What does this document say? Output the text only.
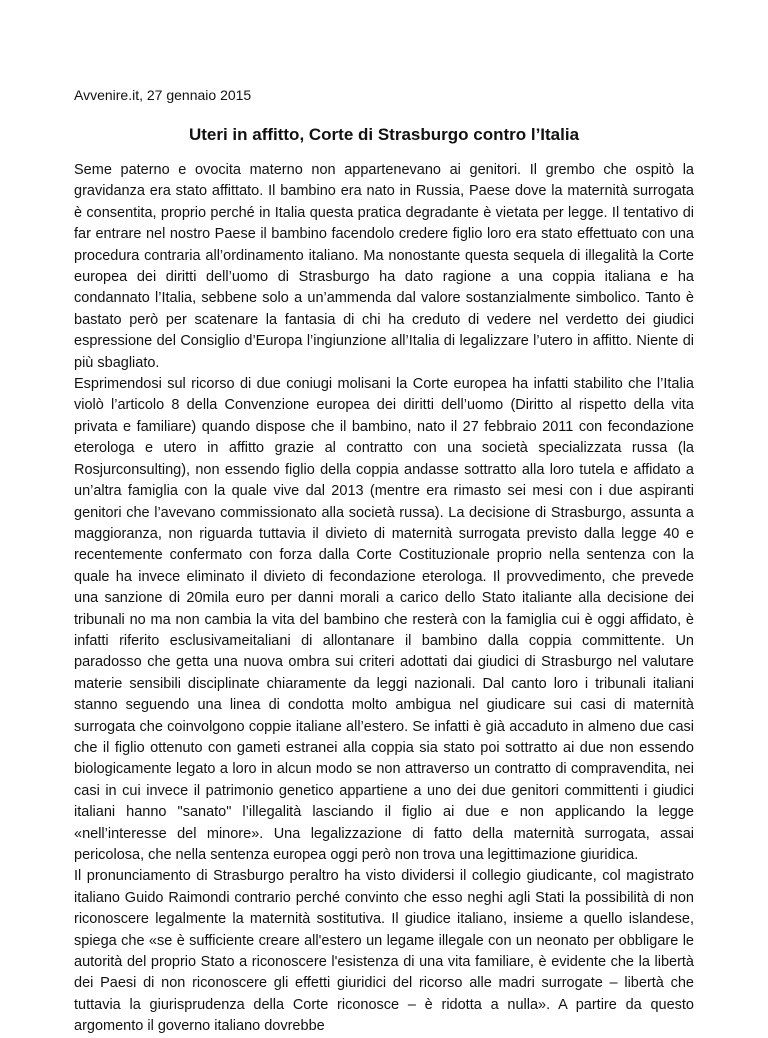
Avvenire.it, 27 gennaio 2015

Uteri in affitto, Corte di Strasburgo contro l’Italia

Seme paterno e ovocita materno non appartenevano ai genitori. Il grembo che ospitò la gravidanza era stato affittato. Il bambino era nato in Russia, Paese dove la maternità surrogata è consentita, proprio perché in Italia questa pratica degradante è vietata per legge. Il tentativo di far entrare nel nostro Paese il bambino facendolo credere figlio loro era stato effettuato con una procedura contraria all’ordinamento italiano. Ma nonostante questa sequela di illegalità la Corte europea dei diritti dell’uomo di Strasburgo ha dato ragione a una coppia italiana e ha condannato l’Italia, sebbene solo a un’ammenda dal valore sostanzialmente simbolico. Tanto è bastato però per scatenare la fantasia di chi ha creduto di vedere nel verdetto dei giudici espressione del Consiglio d’Europa l’ingiunzione all’Italia di legalizzare l’utero in affitto. Niente di più sbagliato.

Esprimendosi sul ricorso di due coniugi molisani la Corte europea ha infatti stabilito che l’Italia violò l’articolo 8 della Convenzione europea dei diritti dell’uomo (Diritto al rispetto della vita privata e familiare) quando dispose che il bambino, nato il 27 febbraio 2011 con fecondazione eterologa e utero in affitto grazie al contratto con una società specializzata russa (la Rosjurconsulting), non essendo figlio della coppia andasse sottratto alla loro tutela e affidato a un’altra famiglia con la quale vive dal 2013 (mentre era rimasto sei mesi con i due aspiranti genitori che l’avevano commissionato alla società russa). La decisione di Strasburgo, assunta a maggioranza, non riguarda tuttavia il divieto di maternità surrogata previsto dalla legge 40 e recentemente confermato con forza dalla Corte Costituzionale proprio nella sentenza con la quale ha invece eliminato il divieto di fecondazione eterologa. Il provvedimento, che prevede una sanzione di 20mila euro per danni morali a carico dello Stato italiante alla decisione dei tribunali no ma non cambia la vita del bambino che resterà con la famiglia cui è oggi affidato, è infatti riferito esclusivameitaliani di allontanare il bambino dalla coppia committente. Un paradosso che getta una nuova ombra sui criteri adottati dai giudici di Strasburgo nel valutare materie sensibili disciplinate chiaramente da leggi nazionali. Dal canto loro i tribunali italiani stanno seguendo una linea di condotta molto ambigua nel giudicare sui casi di maternità surrogata che coinvolgono coppie italiane all’estero. Se infatti è già accaduto in almeno due casi che il figlio ottenuto con gameti estranei alla coppia sia stato poi sottratto ai due non essendo biologicamente legato a loro in alcun modo se non attraverso un contratto di compravendita, nei casi in cui invece il patrimonio genetico appartiene a uno dei due genitori committenti i giudici italiani hanno "sanato" l’illegalità lasciando il figlio ai due e non applicando la legge «nell’interesse del minore». Una legalizzazione di fatto della maternità surrogata, assai pericolosa, che nella sentenza europea oggi però non trova una legittimazione giuridica.

Il pronunciamento di Strasburgo peraltro ha visto dividersi il collegio giudicante, col magistrato italiano Guido Raimondi contrario perché convinto che esso neghi agli Stati la possibilità di non riconoscere legalmente la maternità sostitutiva. Il giudice italiano, insieme a quello islandese, spiega che «se è sufficiente creare all'estero un legame illegale con un neonato per obbligare le autorità del proprio Stato a riconoscere l'esistenza di una vita familiare, è evidente che la libertà dei Paesi di non riconoscere gli effetti giuridici del ricorso alle madri surrogate – libertà che tuttavia la giurisprudenza della Corte riconosce – è ridotta a nulla». A partire da questo argomento il governo italiano dovrebbe
